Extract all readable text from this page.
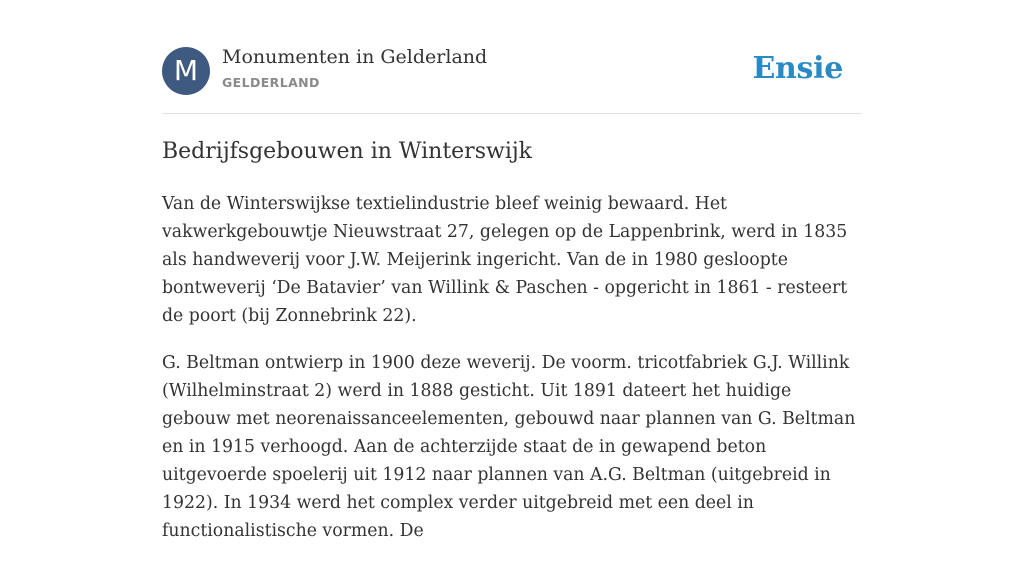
M	Monumenten in Gelderland
GELDERLAND	Ensie
Bedrijfsgebouwen in Winterswijk

Van de Winterswijkse textielindustrie bleef weinig bewaard. Het vakwerkgebouwtje Nieuwstraat 27, gelegen op de Lappenbrink, werd in 1835 als handweverij voor J.W. Meijerink ingericht. Van de in 1980 gesloopte bontweverij ‘De Batavier’ van Willink & Paschen - opgericht in 1861 - resteert de poort (bij Zonnebrink 22).

G. Beltman ontwierp in 1900 deze weverij. De voorm. tricotfabriek G.J. Willink (Wilhelminstraat 2) werd in 1888 gesticht. Uit 1891 dateert het huidige gebouw met neorenaissanceelementen, gebouwd naar plannen van G. Beltman en in 1915 verhoogd. Aan de achterzijde staat de in gewapend beton uitgevoerde spoelerij uit 1912 naar plannen van A.G. Beltman (uitgebreid in 1922). In 1934 werd het complex verder uitgebreid met een deel in functionalistische vormen. De
